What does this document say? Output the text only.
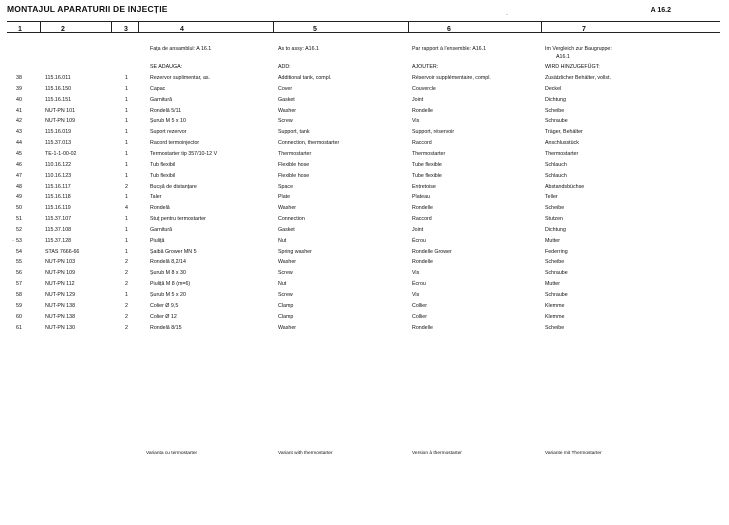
MONTAJUL APARATURII DE INJECȚIE	A 16.2
1	2	3	4	5	6	7
Fața de ansamblul: A 16.1	As to assy: A16.1	Par rapport à l'ensemble: A16.1	Im Vergleich zur Baugruppe:
A16.1
SE ADAUGA:	ADD:	AJOUTER:	WIRD HINZUGEFÜGT:
38	115.16.011	1	Rezervor suplimentar, as.	Additional tank, compl.	Réservoir supplémentaire, compl.	Zusätzlicher Behälter, vollst.
39	115.16.150	1	Capac	Cover	Couvercle	Deckel
40	115.16.151	1	Garnitură	Gasket	Joint	Dichtung
41	NUT-PN 101	1	Rondelă 5/11	Washer	Rondelle	Scheibe
42	NUT-PN 109	1	Șurub M 5 x 10	Screw	Vis	Schraube
43	115.16.019	1	Suport rezervor	Support, tank	Support, réservoir	Träger, Behälter
44	115.37.013	1	Racord termoinjector	Connection, thermostarter	Raccord	Anschlusstück
45	TE-1-1-00-02	1	Termostarter tip 357/10-12 V	Thermostarter	Thermostarter	Thermostarter
46	110.16.122	1	Tub flexibil	Flexible hose	Tube flexible	Schlauch
47	110.16.123	1	Tub flexibil	Flexible hose	Tube flexible	Schlauch
48	115.16.117	2	Bucșă de distanțare	Space	Entretoise	Abstandsbüchse
49	115.16.118	1	Taler	Plate	Plateau	Teller
50	115.16.119	4	Rondelă	Washer	Rondelle	Scheibe
51	115.37.107	1	Stuț pentru termostarter	Connection	Raccord	Stutzen
52	115.37.108	1	Garnitură	Gasket	Joint	Dichtung
53	115.37.128	1	Piuliță	Nut	Écrou	Mutter
54	STAS 7666-66	1	Șaibă Grower MN 5	Spring washer	Rondelle Grower	Federring
55	NUT-PN 103	2	Rondelă 8,2/14	Washer	Rondelle	Scheibe
56	NUT-PN 109	2	Șurub M 8 x 30	Screw	Vis	Schraube
57	NUT-PN 112	2	Piuliță M 8 (m=6)	Nut	Écrou	Mutter
58	NUT-PN 129	1	Șurub M 5 x 20	Screw	Vis	Schraube
59	NUT-PN 138	2	Colier Ø 9,5	Clamp	Collier	Klemme
60	NUT-PN 138	2	Colier Ø 12	Clamp	Collier	Klemme
61	NUT-PN 130	2	Rondelă 8/15	Washer	Rondelle	Scheibe
Varianta cu termostarter	Variant with thermostarter	Version à thermostarter	Variante mit Thermostarter
·
·
